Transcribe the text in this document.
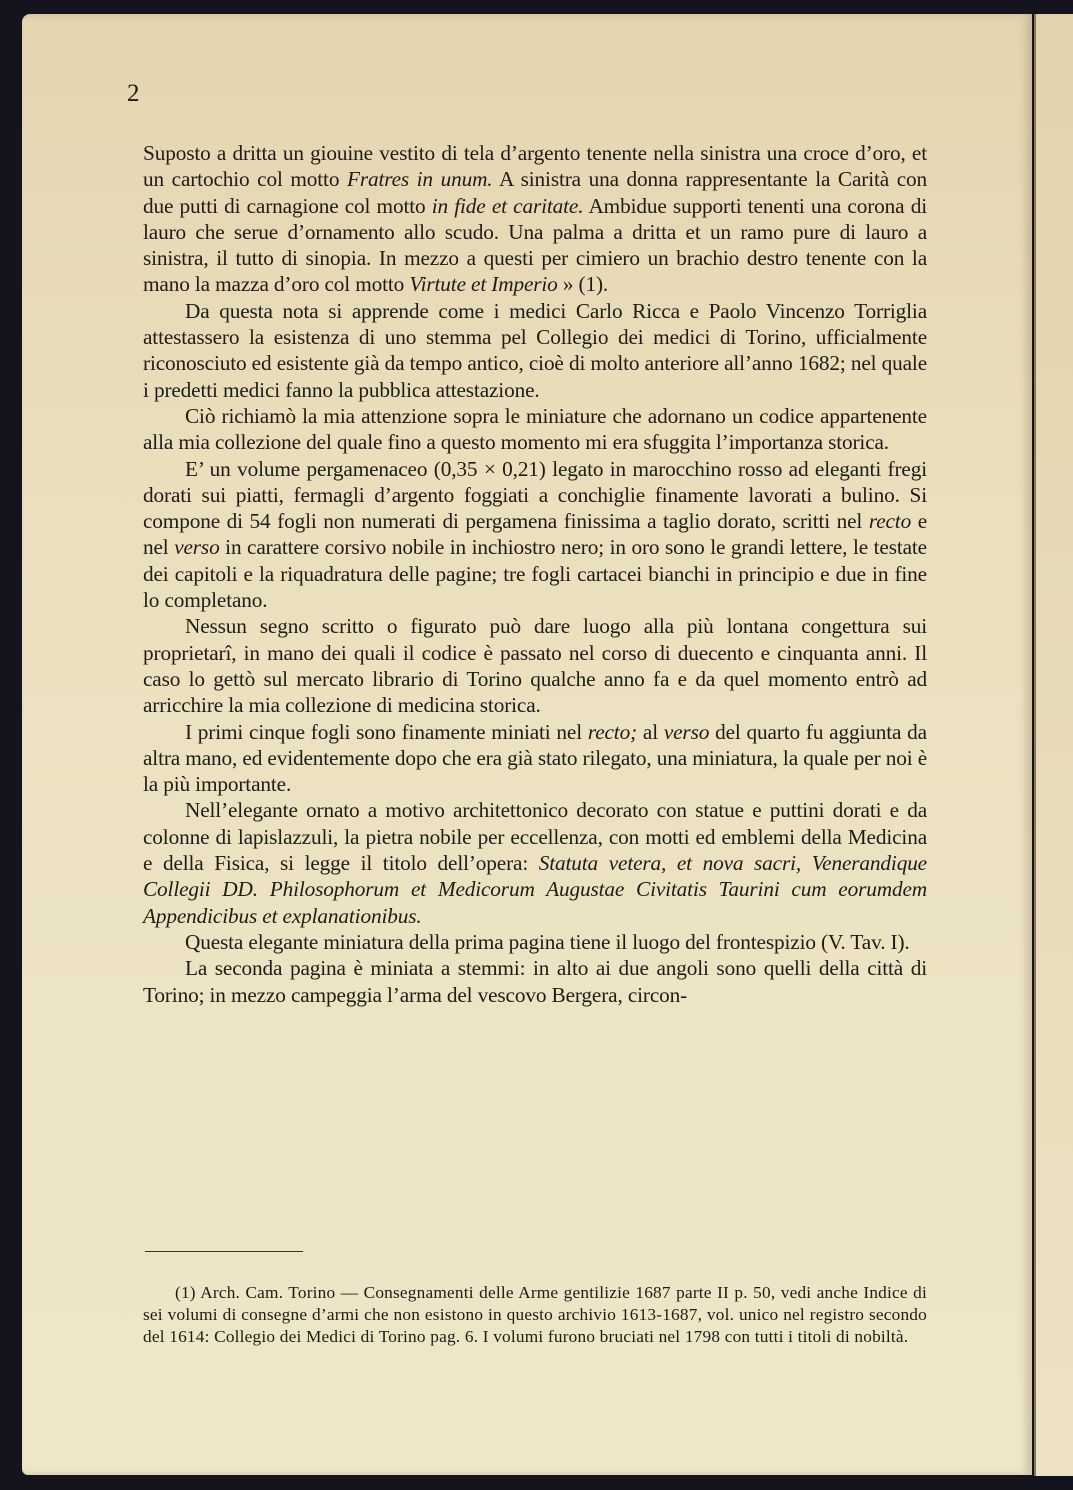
2

Suposto a dritta un giouine vestito di tela d’argento tenente nella sinistra una croce d’oro, et un cartochio col motto Fratres in unum. A sinistra una donna rappresentante la Carità con due putti di carnagione col motto in fide et caritate. Ambidue supporti tenenti una corona di lauro che serue d’ornamento allo scudo. Una palma a dritta et un ramo pure di lauro a sinistra, il tutto di sinopia. In mezzo a questi per cimiero un brachio destro tenente con la mano la mazza d’oro col motto Virtute et Imperio » (1).

Da questa nota si apprende come i medici Carlo Ricca e Paolo Vincenzo Torriglia attestassero la esistenza di uno stemma pel Collegio dei medici di Torino, ufficialmente riconosciuto ed esistente già da tempo antico, cioè di molto anteriore all’anno 1682; nel quale i predetti medici fanno la pubblica attestazione.

Ciò richiamò la mia attenzione sopra le miniature che adornano un codice appartenente alla mia collezione del quale fino a questo momento mi era sfuggita l’importanza storica.

E’ un volume pergamenaceo (0,35 × 0,21) legato in marocchino rosso ad eleganti fregi dorati sui piatti, fermagli d’argento foggiati a conchiglie finamente lavorati a bulino. Si compone di 54 fogli non numerati di pergamena finissima a taglio dorato, scritti nel recto e nel verso in carattere corsivo nobile in inchiostro nero; in oro sono le grandi lettere, le testate dei capitoli e la riquadratura delle pagine; tre fogli cartacei bianchi in principio e due in fine lo completano.

Nessun segno scritto o figurato può dare luogo alla più lontana congettura sui proprietarî, in mano dei quali il codice è passato nel corso di duecento e cinquanta anni. Il caso lo gettò sul mercato librario di Torino qualche anno fa e da quel momento entrò ad arricchire la mia collezione di medicina storica.

I primi cinque fogli sono finamente miniati nel recto; al verso del quarto fu aggiunta da altra mano, ed evidentemente dopo che era già stato rilegato, una miniatura, la quale per noi è la più importante.

Nell’elegante ornato a motivo architettonico decorato con statue e puttini dorati e da colonne di lapislazzuli, la pietra nobile per eccellenza, con motti ed emblemi della Medicina e della Fisica, si legge il titolo dell’opera: Statuta vetera, et nova sacri, Venerandique Collegii DD. Philosophorum et Medicorum Augustae Civitatis Taurini cum eorumdem Appendicibus et explanationibus.

Questa elegante miniatura della prima pagina tiene il luogo del frontespizio (V. Tav. I).

La seconda pagina è miniata a stemmi: in alto ai due angoli sono quelli della città di Torino; in mezzo campeggia l’arma del vescovo Bergera, circon-

(1) Arch. Cam. Torino — Consegnamenti delle Arme gentilizie 1687 parte II p. 50, vedi anche Indice di sei volumi di consegne d’armi che non esistono in questo archivio 1613-1687, vol. unico nel registro secondo del 1614: Collegio dei Medici di Torino pag. 6. I volumi furono bruciati nel 1798 con tutti i titoli di nobiltà.
